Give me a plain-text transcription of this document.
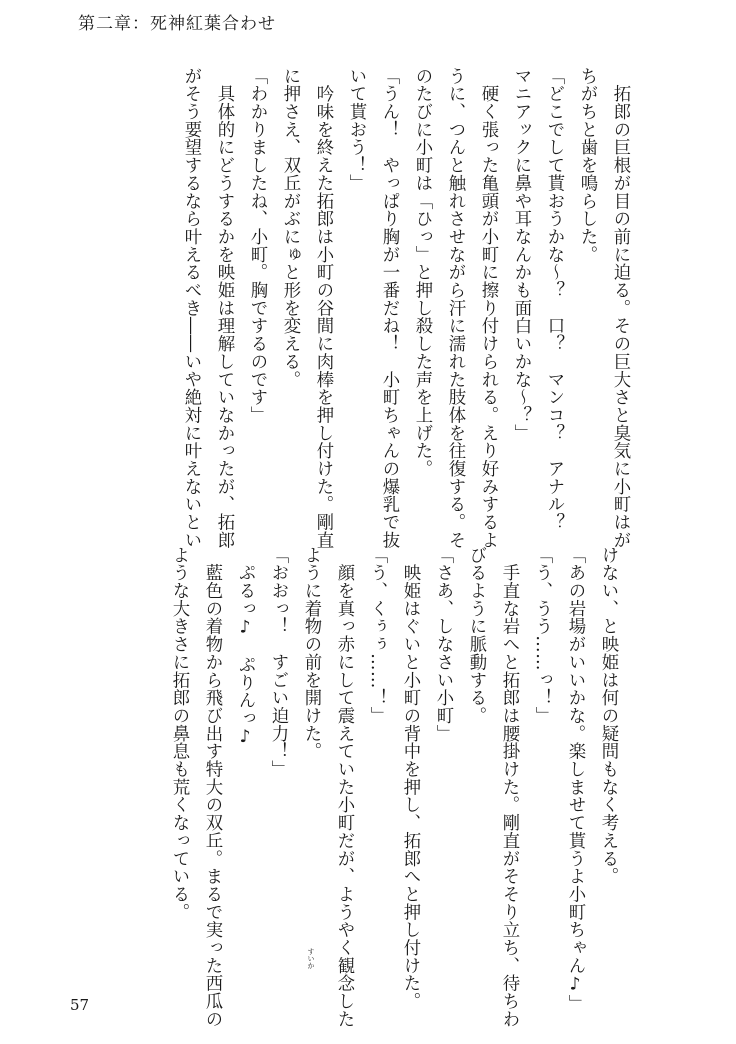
第二章：死神紅葉合わせ
　拓郎の巨根が目の前に迫る。その巨大さと臭気に小町はが
ちがちと歯を鳴らした。
「どこでして貰おうかな～？　口？　マンコ？　アナル？
マニアックに鼻や耳なんかも面白いかな～？」
　硬く張った亀頭が小町に擦り付けられる。えり好みするよ
うに、つんと触れさせながら汗に濡れた肢体を往復する。そ
のたびに小町は「ひっ」と押し殺した声を上げた。
「うん！　やっぱり胸が一番だね！　小町ちゃんの爆乳で抜
いて貰おう！」
　吟味を終えた拓郎は小町の谷間に肉棒を押し付けた。剛直
に押さえ、双丘がぶにゅと形を変える。
「わかりましたね、小町。胸でするのです」
　具体的にどうするかを映姫は理解していなかったが、拓郎
がそう要望するなら叶えるべき――いや絶対に叶えないとい
けない、と映姫は何の疑問もなく考える。
「あの岩場がいいかな。楽しませて貰うよ小町ちゃん♪」
「う、うう……っ！」
　手直な岩へと拓郎は腰掛けた。剛直がそそり立ち、待ちわ
びるように脈動する。
「さあ、しなさい小町」
　映姫はぐいと小町の背中を押し、拓郎へと押し付けた。
「う、くぅぅ……！」
　顔を真っ赤にして震えていた小町だが、ようやく観念した
ように着物の前を開けた。
「おおっ！　すごい迫力！」
　ぷるっ♪　ぷりんっ♪
　藍色の着物から飛び出す特大の双丘。まるで実った西瓜の
ような大きさに拓郎の鼻息も荒くなっている。
すいか
57
